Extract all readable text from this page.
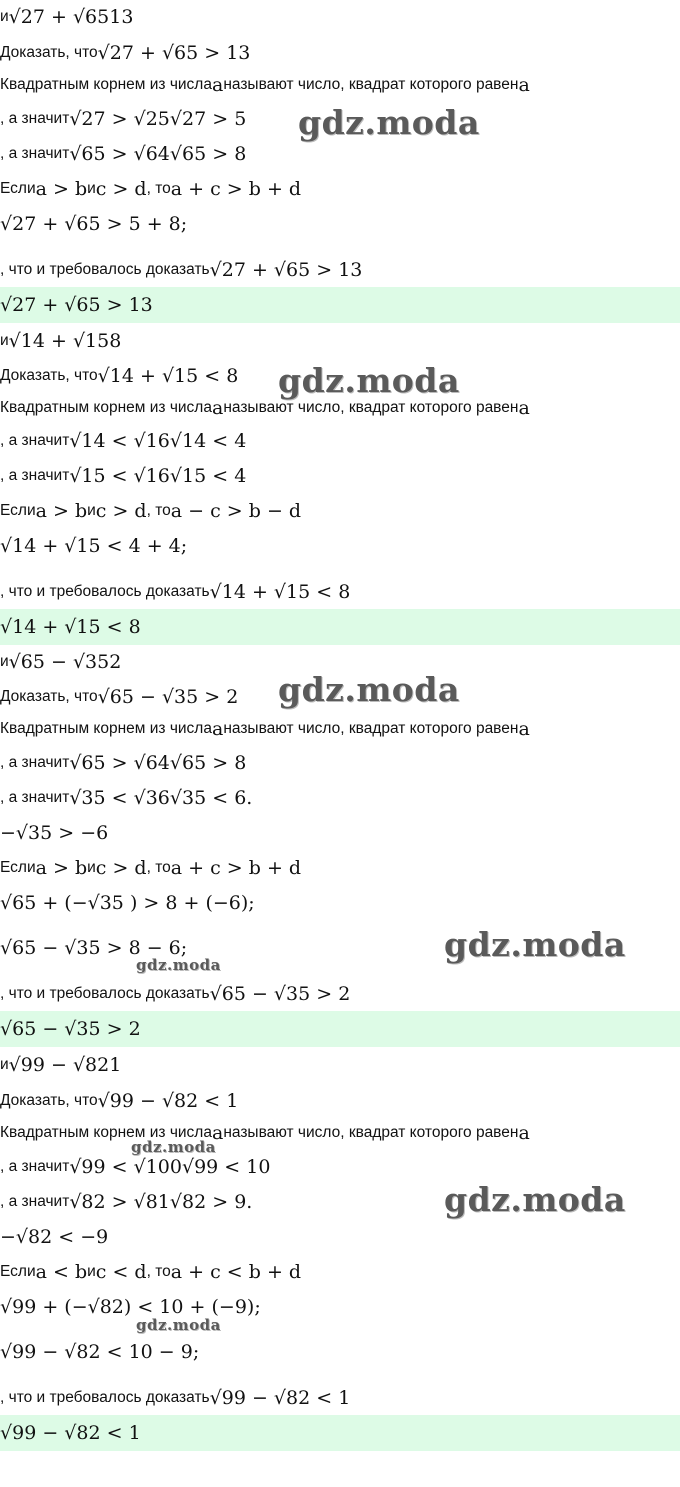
и √27 + √65 13
Доказать, что √27 + √65 > 13
Квадратным корнем из числа a называют число, квадрат которого равен a
, а значит √27 > √25 √27 > 5
, а значит √65 > √64 √65 > 8
Если a > b и c > d , то a + c > b + d
√27 + √65 > 5 + 8;
, что и требовалось доказать √27 + √65 > 13
√27 + √65 > 13
и √14 + √15 8
Доказать, что √14 + √15 < 8
Квадратным корнем из числа a называют число, квадрат которого равен a
, а значит √14 < √16 √14 < 4
, а значит √15 < √16 √15 < 4
Если a > b и c > d , то a − c > b − d
√14 + √15 < 4 + 4;
, что и требовалось доказать √14 + √15 < 8
√14 + √15 < 8
и √65 − √35 2
Доказать, что √65 − √35 > 2
Квадратным корнем из числа a называют число, квадрат которого равен a
, а значит √65 > √64 √65 > 8
, а значит √35 < √36 √35 < 6.
−√35 > −6
Если a > b и c > d , то a + c > b + d
√65 + (−√35 ) > 8 + (−6);
√65 − √35 > 8 − 6;
, что и требовалось доказать √65 − √35 > 2
√65 − √35 > 2
и √99 − √82 1
Доказать, что √99 − √82 < 1
Квадратным корнем из числа a называют число, квадрат которого равен a
, а значит √99 < √100 √99 < 10
, а значит √82 > √81 √82 > 9.
−√82 < −9
Если a < b и c < d , то a + c < b + d
√99 + (−√82) < 10 + (−9);
√99 − √82 < 10 − 9;
, что и требовалось доказать √99 − √82 < 1
√99 − √82 < 1
gdz.moda
gdz.moda
gdz.moda
gdz.moda
gdz.moda
gdz.moda
gdz.moda
gdz.moda
